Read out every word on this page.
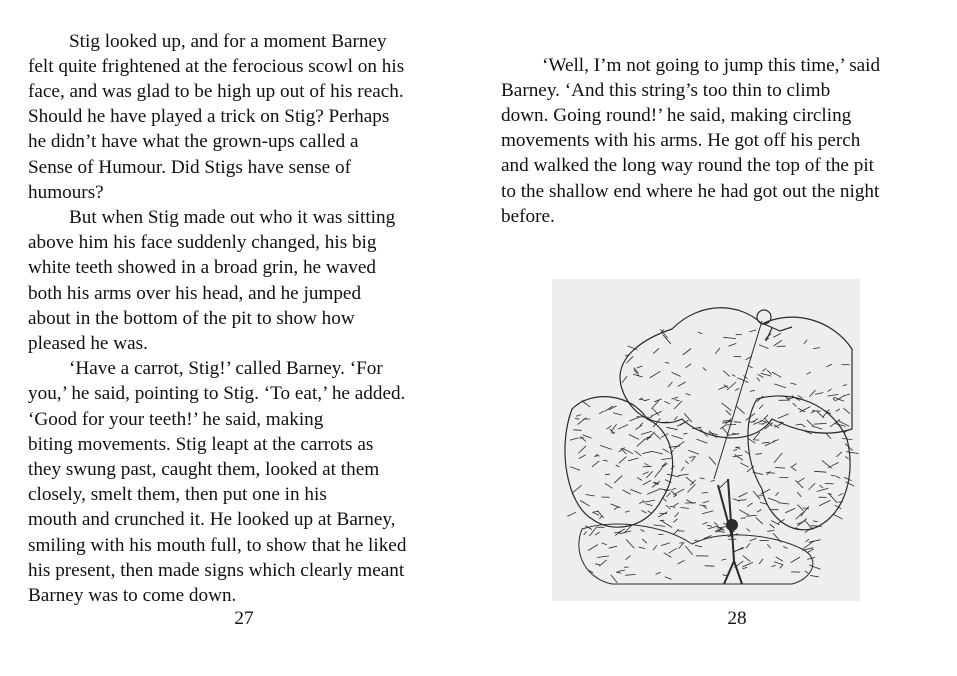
Stig looked up, and for a moment Barney
felt quite frightened at the ferocious scowl on his
face, and was glad to be high up out of his reach.
Should he have played a trick on Stig? Perhaps
he didn’t have what the grown-ups called a
Sense of Humour. Did Stigs have sense of
humours?
But when Stig made out who it was sitting
above him his face suddenly changed, his big
white teeth showed in a broad grin, he waved
both his arms over his head, and he jumped
about in the bottom of the pit to show how
pleased he was.
‘Have a carrot, Stig!’ called Barney. ‘For
you,’ he said, pointing to Stig. ‘To eat,’ he added.
‘Good for your teeth!’ he said, making
biting movements. Stig leapt at the carrots as
they swung past, caught them, looked at them
closely, smelt them, then put one in his
mouth and crunched it. He looked up at Barney,
smiling with his mouth full, to show that he liked
his present, then made signs which clearly meant
Barney was to come down.
27
‘Well, I’m not going to jump this time,’ said
Barney. ‘And this string’s too thin to climb
down. Going round!’ he said, making circling
movements with his arms. He got off his perch
and walked the long way round the top of the pit
to the shallow end where he had got out the night
before.
28
